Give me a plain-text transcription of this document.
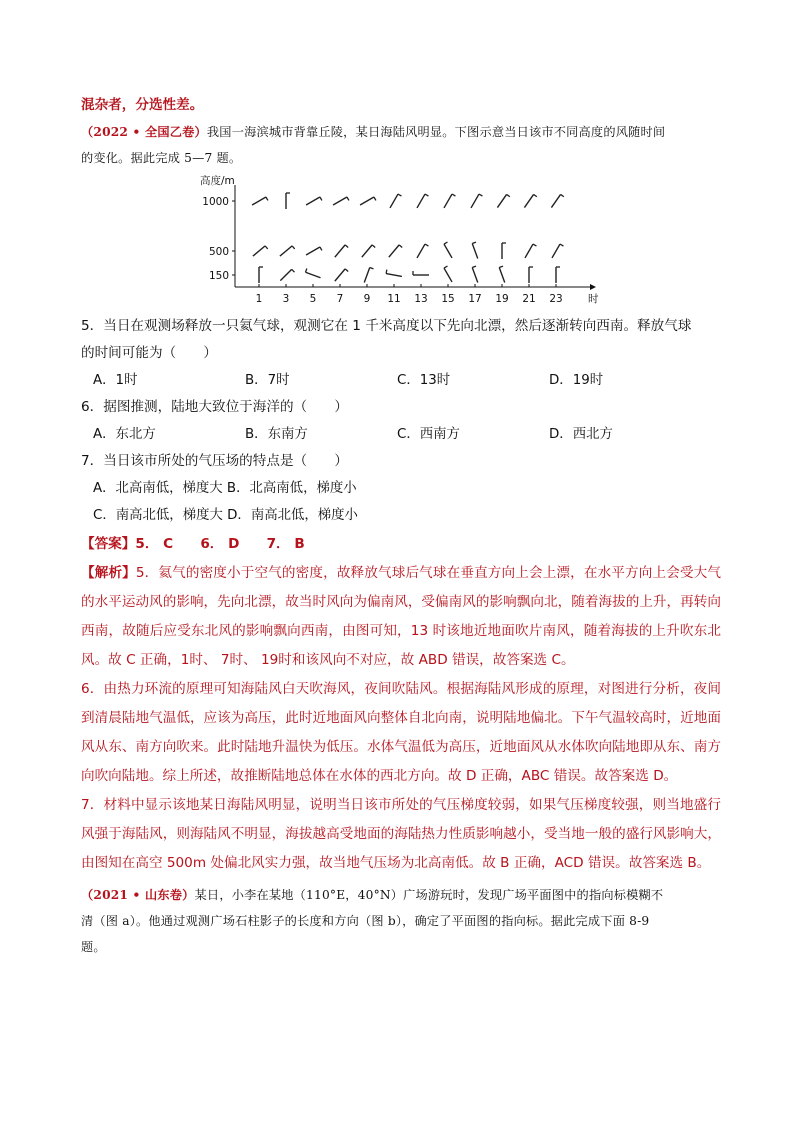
混杂者，分选性差。
（2022 • 全国乙卷）我国一海滨城市背靠丘陵，某日海陆风明显。下图示意当日该市不同高度的风随时间
的变化。据此完成 5—7 题。
高度/m
1000
500
150
1 3 5 7 9 11 13 15 17 19 21 23 时
5．当日在观测场释放一只氦气球，观测它在 1 千米高度以下先向北漂，然后逐渐转向西南。释放气球
的时间可能为（　　）
A．1时	B．7时	C．13时	D．19时
6．据图推测，陆地大致位于海洋的（　　）
A．东北方	B．东南方	C．西南方	D．西北方
7．当日该市所处的气压场的特点是（　　）
A．北高南低，梯度大 B．北高南低，梯度小
C．南高北低，梯度大 D．南高北低，梯度小
【答案】5． C　　6． D　　7． B
【解析】5．氦气的密度小于空气的密度，故释放气球后气球在垂直方向上会上漂，在水平方向上会受大气的水平运动风的影响，先向北漂，故当时风向为偏南风，受偏南风的影响飘向北，随着海拔的上升，再转向西南，故随后应受东北风的影响飘向西南，由图可知，13 时该地近地面吹片南风，随着海拔的上升吹东北风。故 C 正确，1时、 7时、 19时和该风向不对应，故 ABD 错误，故答案选 C。
6．由热力环流的原理可知海陆风白天吹海风，夜间吹陆风。根据海陆风形成的原理，对图进行分析，夜间到清晨陆地气温低，应该为高压，此时近地面风向整体自北向南，说明陆地偏北。下午气温较高时，近地面风从东、南方向吹来。此时陆地升温快为低压。水体气温低为高压，近地面风从水体吹向陆地即从东、南方向吹向陆地。综上所述，故推断陆地总体在水体的西北方向。故 D 正确，ABC 错误。故答案选 D。
7．材料中显示该地某日海陆风明显，说明当日该市所处的气压梯度较弱，如果气压梯度较强，则当地盛行风强于海陆风，则海陆风不明显，海拔越高受地面的海陆热力性质影响越小，受当地一般的盛行风影响大，由图知在高空 500m 处偏北风实力强，故当地气压场为北高南低。故 B 正确，ACD 错误。故答案选 B。
（2021 • 山东卷）某日，小李在某地（110°E，40°N）广场游玩时，发现广场平面图中的指向标模糊不
清（图 a）。他通过观测广场石柱影子的长度和方向（图 b），确定了平面图的指向标。据此完成下面 8-9
题。
